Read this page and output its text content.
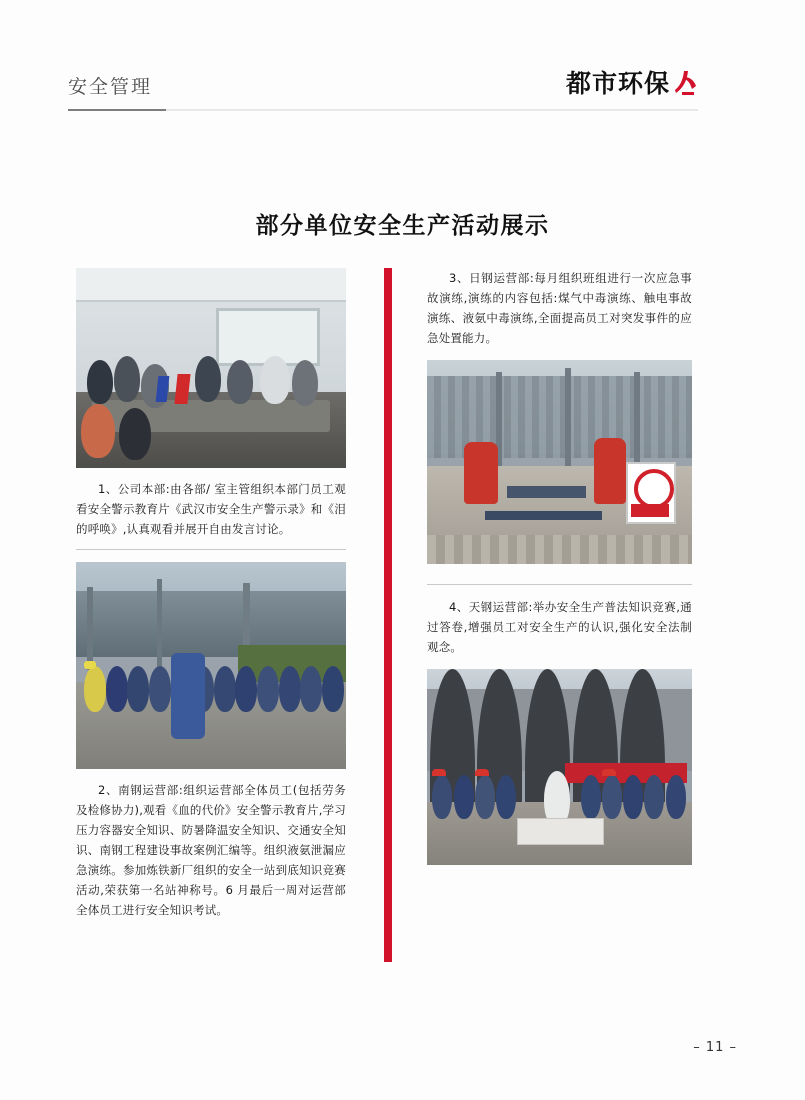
安全管理	都市环保
部分单位安全生产活动展示
1、公司本部:由各部/ 室主管组织本部门员工观看安全警示教育片《武汉市安全生产警示录》和《泪的呼唤》,认真观看并展开自由发言讨论。
2、南钢运营部:组织运营部全体员工(包括劳务及检修协力),观看《血的代价》安全警示教育片,学习压力容器安全知识、防暑降温安全知识、交通安全知识、南钢工程建设事故案例汇编等。组织液氨泄漏应急演练。参加炼铁新厂组织的安全一站到底知识竞赛活动,荣获第一名站神称号。6 月最后一周对运营部全体员工进行安全知识考试。
3、日钢运营部:每月组织班组进行一次应急事故演练,演练的内容包括:煤气中毒演练、触电事故演练、液氨中毒演练,全面提高员工对突发事件的应急处置能力。
4、天钢运营部:举办安全生产普法知识竞赛,通过答卷,增强员工对安全生产的认识,强化安全法制观念。
– 11 –
